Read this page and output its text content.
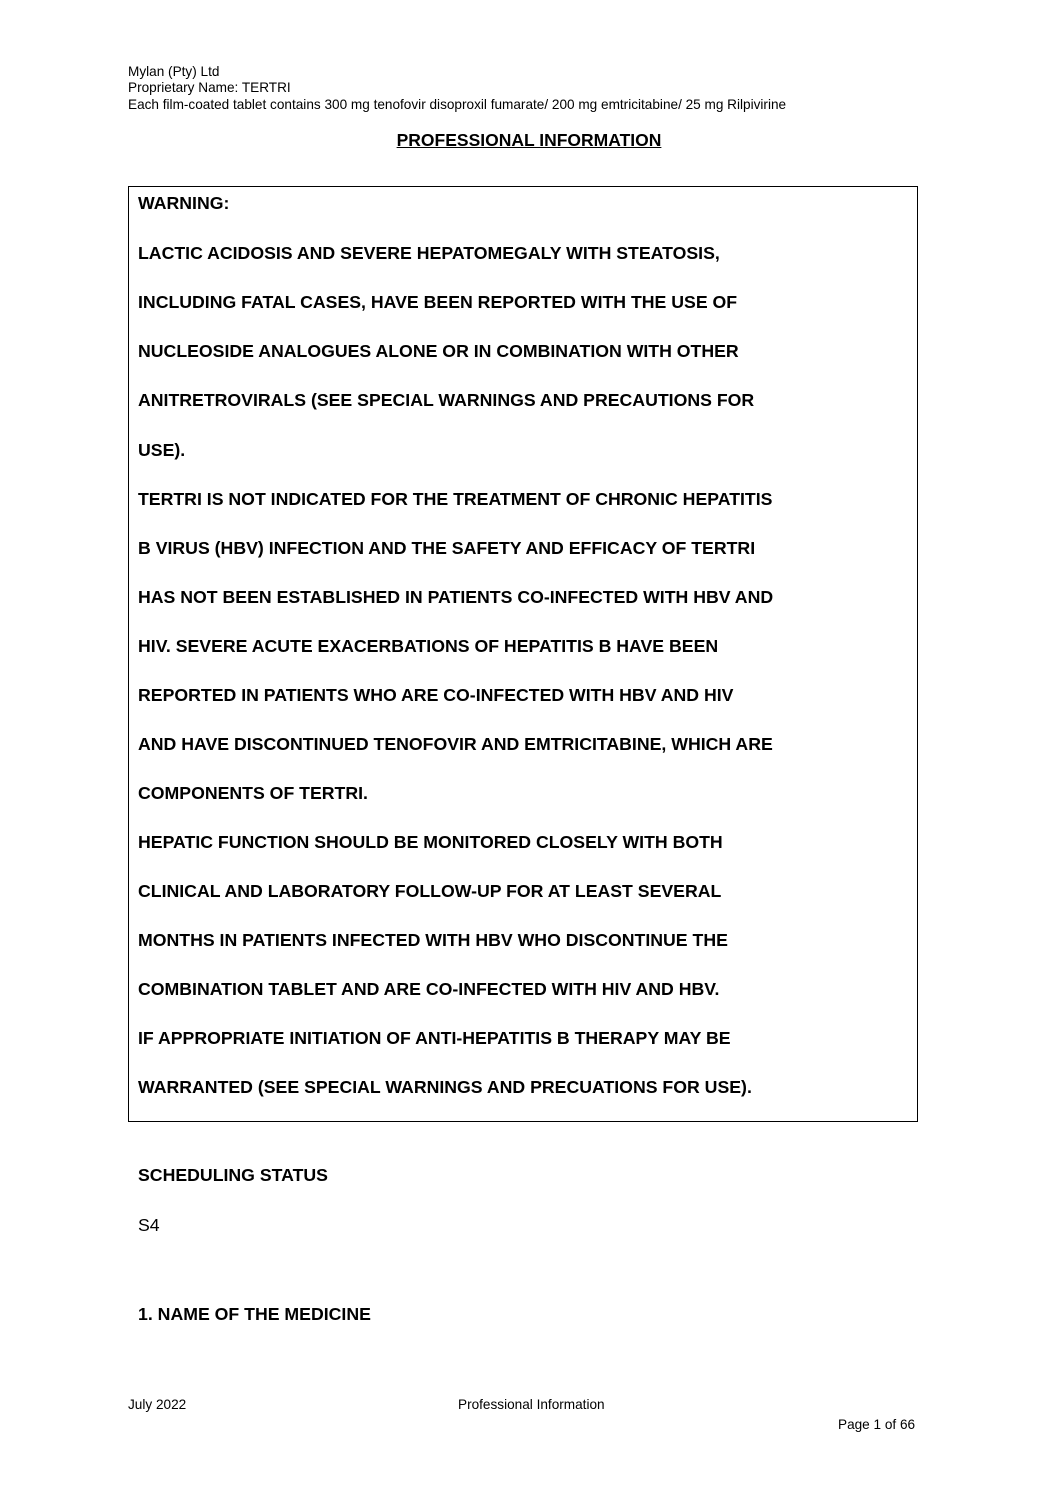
Mylan (Pty) Ltd
Proprietary Name: TERTRI
Each film-coated tablet contains 300 mg tenofovir disoproxil fumarate/ 200 mg emtricitabine/ 25 mg Rilpivirine
PROFESSIONAL INFORMATION
WARNING:
LACTIC ACIDOSIS AND SEVERE HEPATOMEGALY WITH STEATOSIS,
INCLUDING FATAL CASES, HAVE BEEN REPORTED WITH THE USE OF
NUCLEOSIDE ANALOGUES ALONE OR IN COMBINATION WITH OTHER
ANITRETROVIRALS (SEE SPECIAL WARNINGS AND PRECAUTIONS FOR
USE).
TERTRI IS NOT INDICATED FOR THE TREATMENT OF CHRONIC HEPATITIS
B VIRUS (HBV) INFECTION AND THE SAFETY AND EFFICACY OF TERTRI
HAS NOT BEEN ESTABLISHED IN PATIENTS CO-INFECTED WITH HBV AND
HIV. SEVERE ACUTE EXACERBATIONS OF HEPATITIS B HAVE BEEN
REPORTED IN PATIENTS WHO ARE CO-INFECTED WITH HBV AND HIV
AND HAVE DISCONTINUED TENOFOVIR AND EMTRICITABINE, WHICH ARE
COMPONENTS OF TERTRI.
HEPATIC FUNCTION SHOULD BE MONITORED CLOSELY WITH BOTH
CLINICAL AND LABORATORY FOLLOW-UP FOR AT LEAST SEVERAL
MONTHS IN PATIENTS INFECTED WITH HBV WHO DISCONTINUE THE
COMBINATION TABLET AND ARE CO-INFECTED WITH HIV AND HBV.
IF APPROPRIATE INITIATION OF ANTI-HEPATITIS B THERAPY MAY BE
WARRANTED (SEE SPECIAL WARNINGS AND PRECUATIONS FOR USE).
SCHEDULING STATUS
S4
1. NAME OF THE MEDICINE
July 2022	Professional Information
Page 1 of 66
